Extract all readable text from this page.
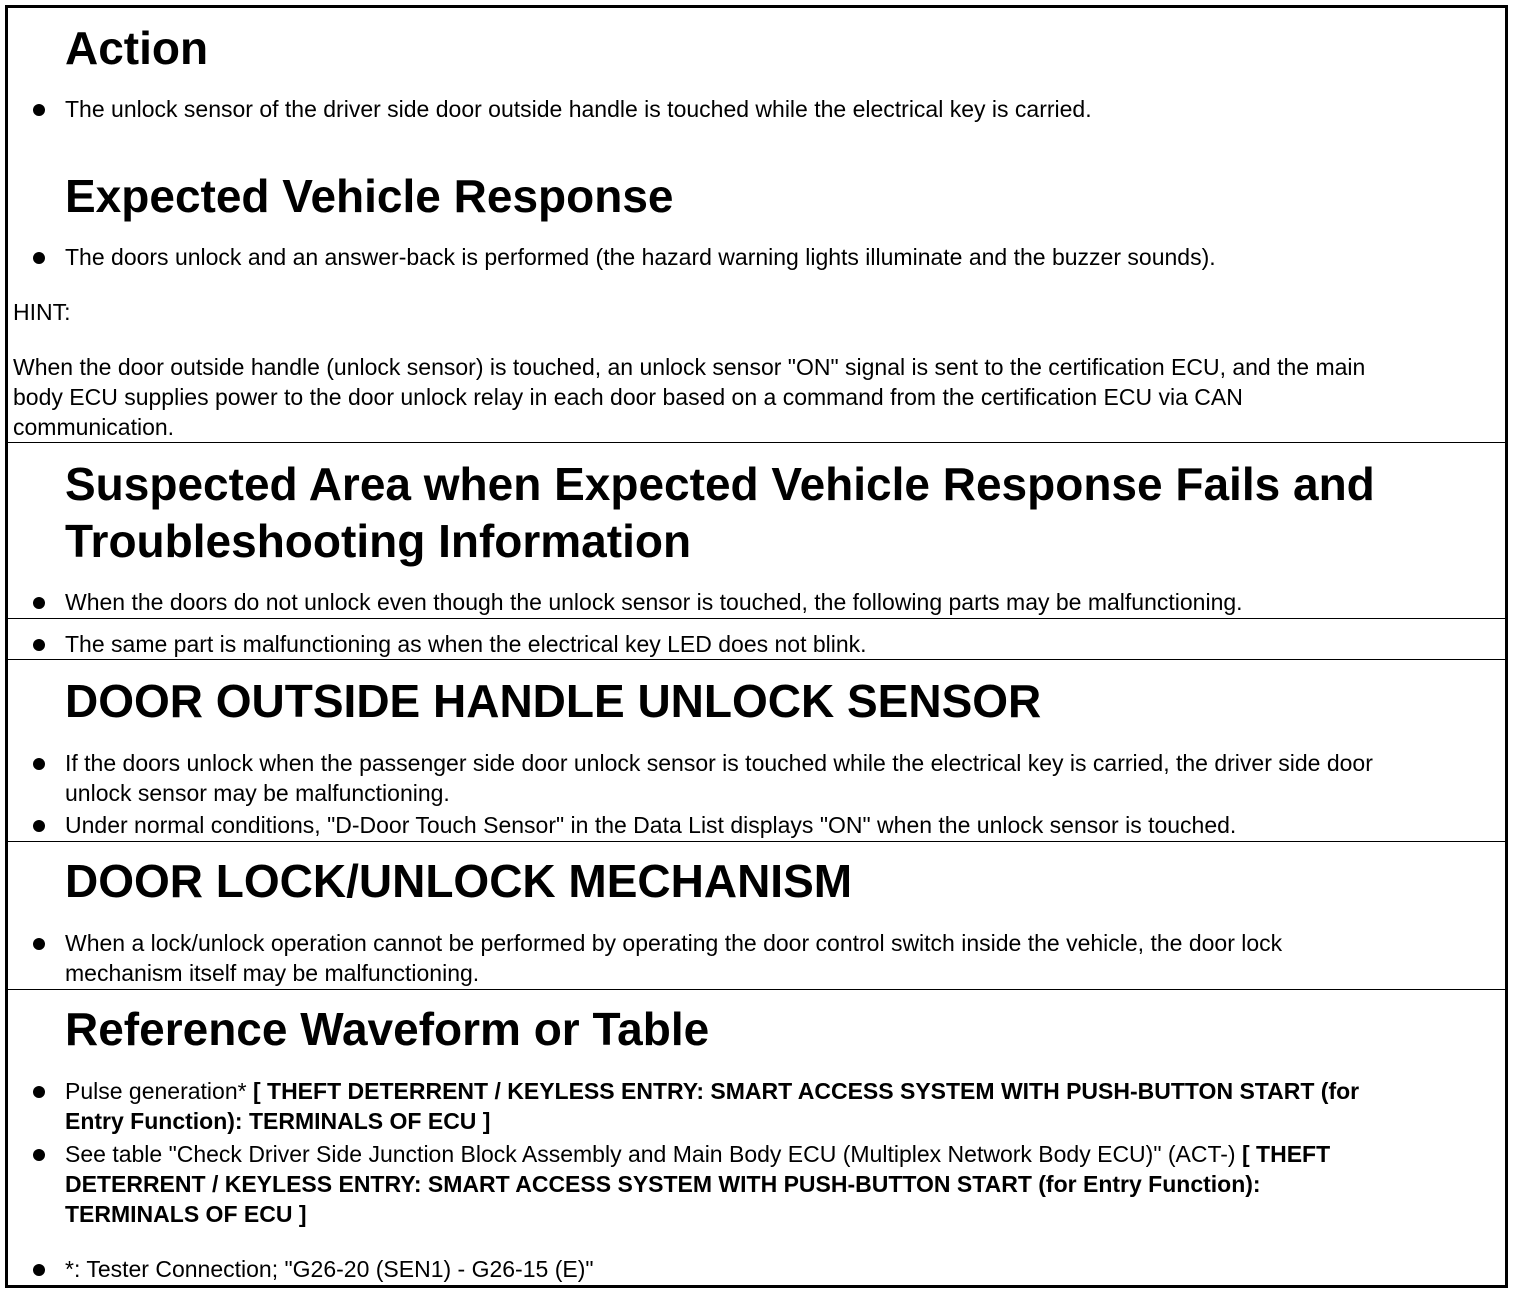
Action
The unlock sensor of the driver side door outside handle is touched while the electrical key is carried.
Expected Vehicle Response
The doors unlock and an answer-back is performed (the hazard warning lights illuminate and the buzzer sounds).
HINT:
When the door outside handle (unlock sensor) is touched, an unlock sensor "ON" signal is sent to the certification ECU, and the main
body ECU supplies power to the door unlock relay in each door based on a command from the certification ECU via CAN
communication.
Suspected Area when Expected Vehicle Response Fails and
Troubleshooting Information
When the doors do not unlock even though the unlock sensor is touched, the following parts may be malfunctioning.
The same part is malfunctioning as when the electrical key LED does not blink.
DOOR OUTSIDE HANDLE UNLOCK SENSOR
If the doors unlock when the passenger side door unlock sensor is touched while the electrical key is carried, the driver side door
unlock sensor may be malfunctioning.
Under normal conditions, "D-Door Touch Sensor" in the Data List displays "ON" when the unlock sensor is touched.
DOOR LOCK/UNLOCK MECHANISM
When a lock/unlock operation cannot be performed by operating the door control switch inside the vehicle, the door lock
mechanism itself may be malfunctioning.
Reference Waveform or Table
Pulse generation* [ THEFT DETERRENT / KEYLESS ENTRY: SMART ACCESS SYSTEM WITH PUSH-BUTTON START (for
Entry Function): TERMINALS OF ECU ]
See table "Check Driver Side Junction Block Assembly and Main Body ECU (Multiplex Network Body ECU)" (ACT-) [ THEFT
DETERRENT / KEYLESS ENTRY: SMART ACCESS SYSTEM WITH PUSH-BUTTON START (for Entry Function):
TERMINALS OF ECU ]
*: Tester Connection; "G26-20 (SEN1) - G26-15 (E)"
